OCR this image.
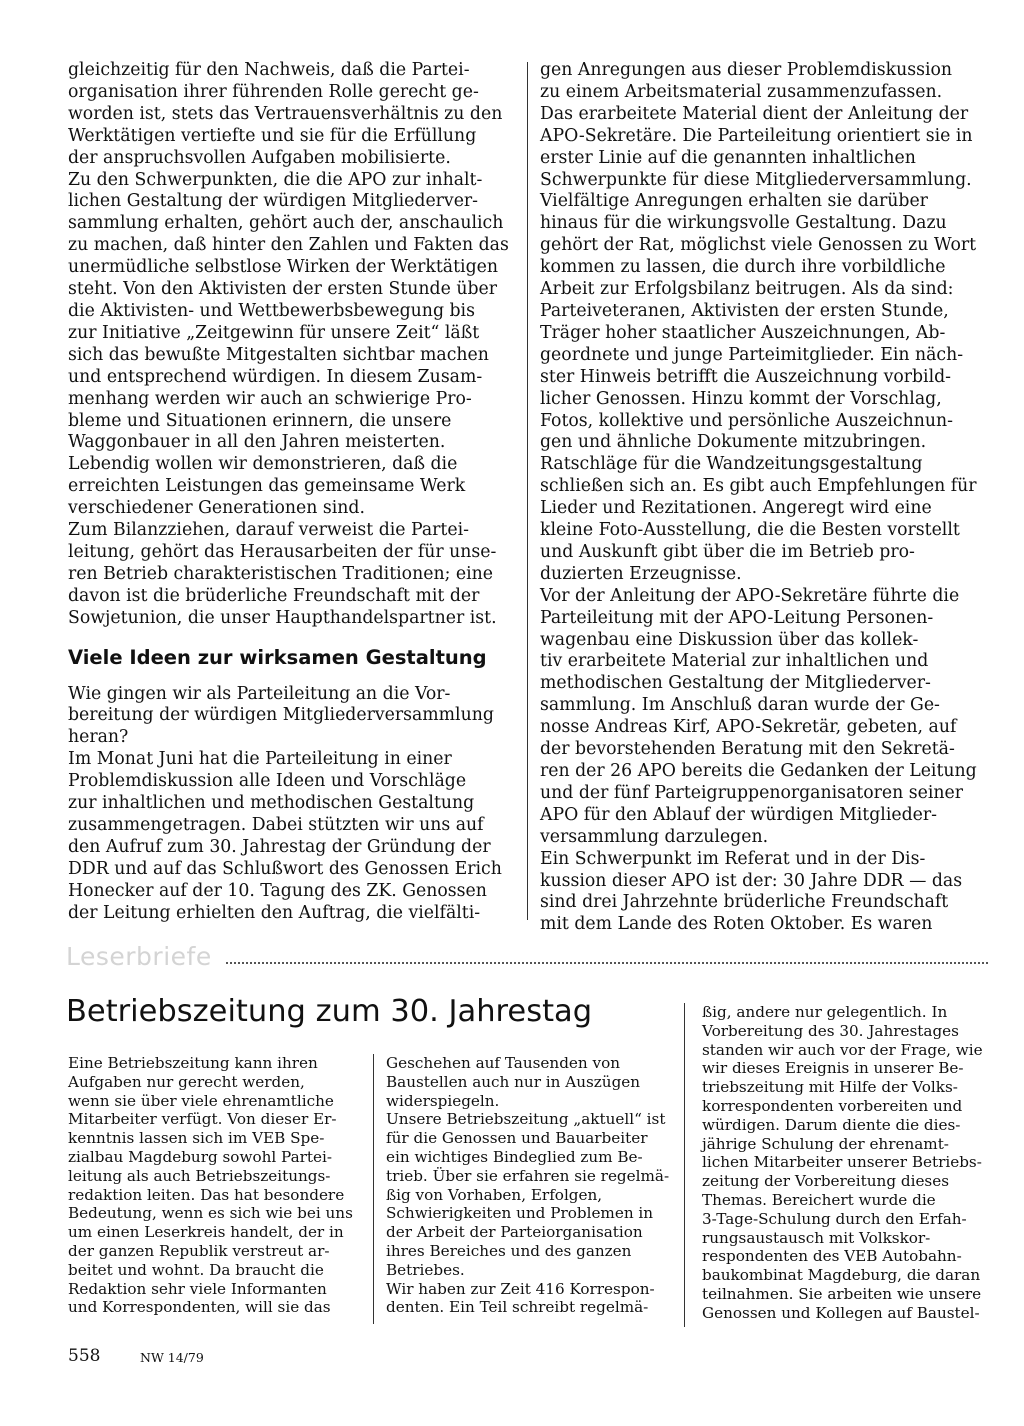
gleichzeitig für den Nachweis, daß die Partei-
organisation ihrer führenden Rolle gerecht ge-
worden ist, stets das Vertrauensverhältnis zu den
Werktätigen vertiefte und sie für die Erfüllung
der anspruchsvollen Aufgaben mobilisierte.

Zu den Schwerpunkten, die die APO zur inhalt-
lichen Gestaltung der würdigen Mitgliederver-
sammlung erhalten, gehört auch der, anschaulich
zu machen, daß hinter den Zahlen und Fakten das
unermüdliche selbstlose Wirken der Werktätigen
steht. Von den Aktivisten der ersten Stunde über
die Aktivisten- und Wettbewerbsbewegung bis
zur Initiative „Zeitgewinn für unsere Zeit“ läßt
sich das bewußte Mitgestalten sichtbar machen
und entsprechend würdigen. In diesem Zusam-
menhang werden wir auch an schwierige Pro-
bleme und Situationen erinnern, die unsere
Waggonbauer in all den Jahren meisterten.
Lebendig wollen wir demonstrieren, daß die
erreichten Leistungen das gemeinsame Werk
verschiedener Generationen sind.

Zum Bilanzziehen, darauf verweist die Partei-
leitung, gehört das Herausarbeiten der für unse-
ren Betrieb charakteristischen Traditionen; eine
davon ist die brüderliche Freundschaft mit der
Sowjetunion, die unser Haupthandelspartner ist.

Viele Ideen zur wirksamen Gestaltung

Wie gingen wir als Parteileitung an die Vor-
bereitung der würdigen Mitgliederversammlung
heran?

Im Monat Juni hat die Parteileitung in einer
Problemdiskussion alle Ideen und Vorschläge
zur inhaltlichen und methodischen Gestaltung
zusammengetragen. Dabei stützten wir uns auf
den Aufruf zum 30. Jahrestag der Gründung der
DDR und auf das Schlußwort des Genossen Erich
Honecker auf der 10. Tagung des ZK. Genossen
der Leitung erhielten den Auftrag, die vielfälti-

gen Anregungen aus dieser Problemdiskussion
zu einem Arbeitsmaterial zusammenzufassen.
Das erarbeitete Material dient der Anleitung der
APO-Sekretäre. Die Parteileitung orientiert sie in
erster Linie auf die genannten inhaltlichen
Schwerpunkte für diese Mitgliederversammlung.
Vielfältige Anregungen erhalten sie darüber
hinaus für die wirkungsvolle Gestaltung. Dazu
gehört der Rat, möglichst viele Genossen zu Wort
kommen zu lassen, die durch ihre vorbildliche
Arbeit zur Erfolgsbilanz beitrugen. Als da sind:
Parteiveteranen, Aktivisten der ersten Stunde,
Träger hoher staatlicher Auszeichnungen, Ab-
geordnete und junge Parteimitglieder. Ein näch-
ster Hinweis betrifft die Auszeichnung vorbild-
licher Genossen. Hinzu kommt der Vorschlag,
Fotos, kollektive und persönliche Auszeichnun-
gen und ähnliche Dokumente mitzubringen.
Ratschläge für die Wandzeitungsgestaltung
schließen sich an. Es gibt auch Empfehlungen für
Lieder und Rezitationen. Angeregt wird eine
kleine Foto-Ausstellung, die die Besten vorstellt
und Auskunft gibt über die im Betrieb pro-
duzierten Erzeugnisse.

Vor der Anleitung der APO-Sekretäre führte die
Parteileitung mit der APO-Leitung Personen-
wagenbau eine Diskussion über das kollek-
tiv erarbeitete Material zur inhaltlichen und
methodischen Gestaltung der Mitgliederver-
sammlung. Im Anschluß daran wurde der Ge-
nosse Andreas Kirf, APO-Sekretär, gebeten, auf
der bevorstehenden Beratung mit den Sekretä-
ren der 26 APO bereits die Gedanken der Leitung
und der fünf Parteigruppenorganisatoren seiner
APO für den Ablauf der würdigen Mitglieder-
versammlung darzulegen.

Ein Schwerpunkt im Referat und in der Dis-
kussion dieser APO ist der: 30 Jahre DDR — das
sind drei Jahrzehnte brüderliche Freundschaft
mit dem Lande des Roten Oktober. Es waren

Leserbriefe
Betriebszeitung zum 30. Jahrestag

Eine Betriebszeitung kann ihren
Aufgaben nur gerecht werden,
wenn sie über viele ehrenamtliche
Mitarbeiter verfügt. Von dieser Er-
kenntnis lassen sich im VEB Spe-
zialbau Magdeburg sowohl Partei-
leitung als auch Betriebszeitungs-
redaktion leiten. Das hat besondere
Bedeutung, wenn es sich wie bei uns
um einen Leserkreis handelt, der in
der ganzen Republik verstreut ar-
beitet und wohnt. Da braucht die
Redaktion sehr viele Informanten
und Korrespondenten, will sie das

Geschehen auf Tausenden von
Baustellen auch nur in Auszügen
widerspiegeln.

Unsere Betriebszeitung „aktuell“ ist
für die Genossen und Bauarbeiter
ein wichtiges Bindeglied zum Be-
trieb. Über sie erfahren sie regelmä-
ßig von Vorhaben, Erfolgen,
Schwierigkeiten und Problemen in
der Arbeit der Parteiorganisation
ihres Bereiches und des ganzen
Betriebes.

Wir haben zur Zeit 416 Korrespon-
denten. Ein Teil schreibt regelmä-

ßig, andere nur gelegentlich. In
Vorbereitung des 30. Jahrestages
standen wir auch vor der Frage, wie
wir dieses Ereignis in unserer Be-
triebszeitung mit Hilfe der Volks-
korrespondenten vorbereiten und
würdigen. Darum diente die dies-
jährige Schulung der ehrenamt-
lichen Mitarbeiter unserer Betriebs-
zeitung der Vorbereitung dieses
Themas. Bereichert wurde die
3-Tage-Schulung durch den Erfah-
rungsaustausch mit Volkskor-
respondenten des VEB Autobahn-
baukombinat Magdeburg, die daran
teilnahmen. Sie arbeiten wie unsere
Genossen und Kollegen auf Baustel-

558	NW 14/79
